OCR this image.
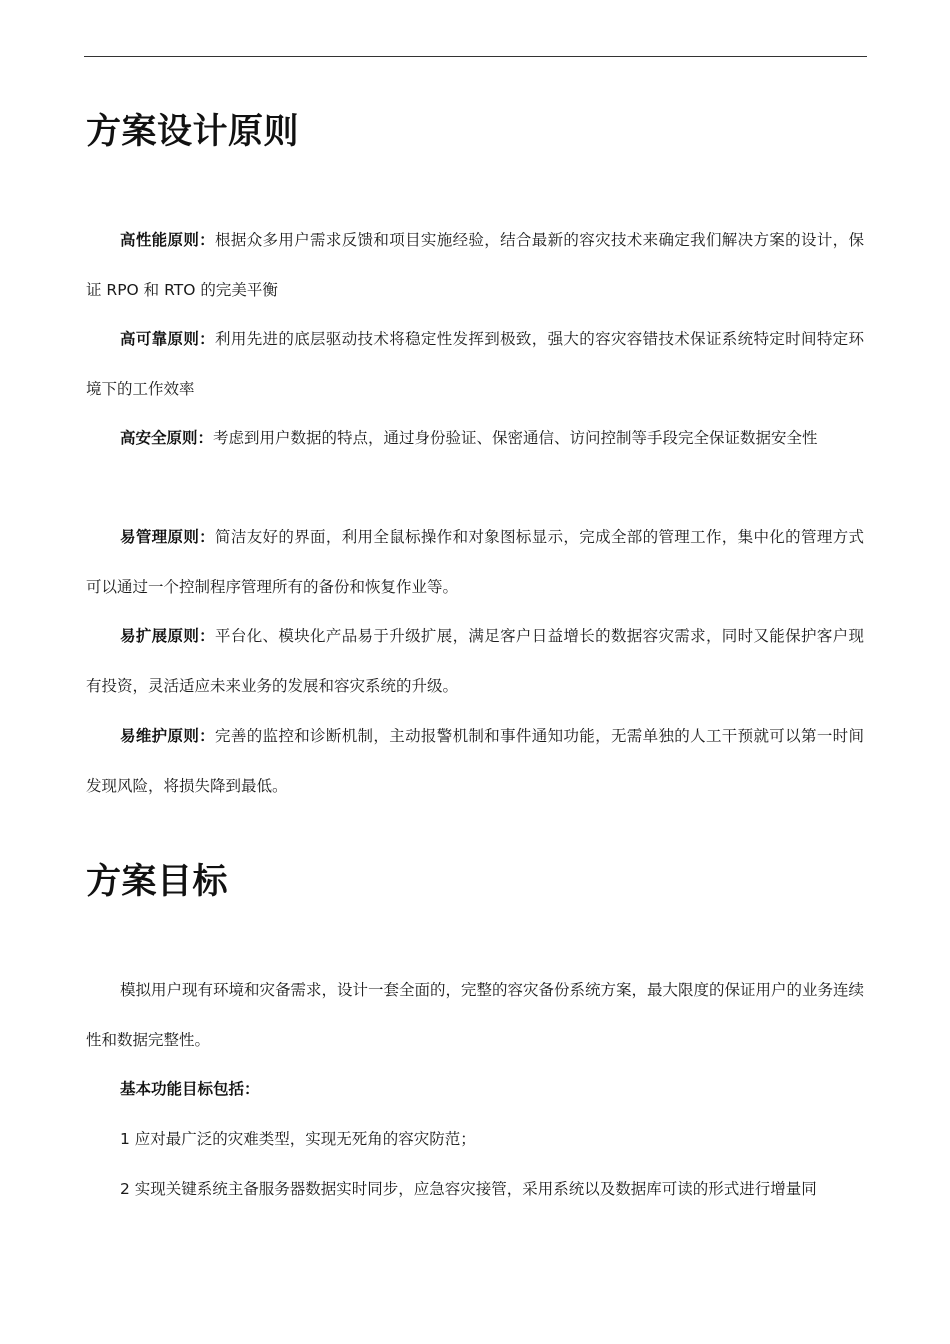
方案设计原则

高性能原则：根据众多用户需求反馈和项目实施经验，结合最新的容灾技术来确定我们解决方案的设计，保证 RPO 和 RTO 的完美平衡

高可靠原则：利用先进的底层驱动技术将稳定性发挥到极致，强大的容灾容错技术保证系统特定时间特定环境下的工作效率

高安全原则：考虑到用户数据的特点，通过身份验证、保密通信、访问控制等手段完全保证数据安全性

易管理原则：简洁友好的界面，利用全鼠标操作和对象图标显示，完成全部的管理工作，集中化的管理方式可以通过一个控制程序管理所有的备份和恢复作业等。

易扩展原则：平台化、模块化产品易于升级扩展，满足客户日益增长的数据容灾需求，同时又能保护客户现有投资，灵活适应未来业务的发展和容灾系统的升级。

易维护原则：完善的监控和诊断机制，主动报警机制和事件通知功能，无需单独的人工干预就可以第一时间发现风险，将损失降到最低。

方案目标

模拟用户现有环境和灾备需求，设计一套全面的，完整的容灾备份系统方案，最大限度的保证用户的业务连续性和数据完整性。

基本功能目标包括：

1 应对最广泛的灾难类型，实现无死角的容灾防范；

2 实现关键系统主备服务器数据实时同步，应急容灾接管，采用系统以及数据库可读的形式进行增量同
